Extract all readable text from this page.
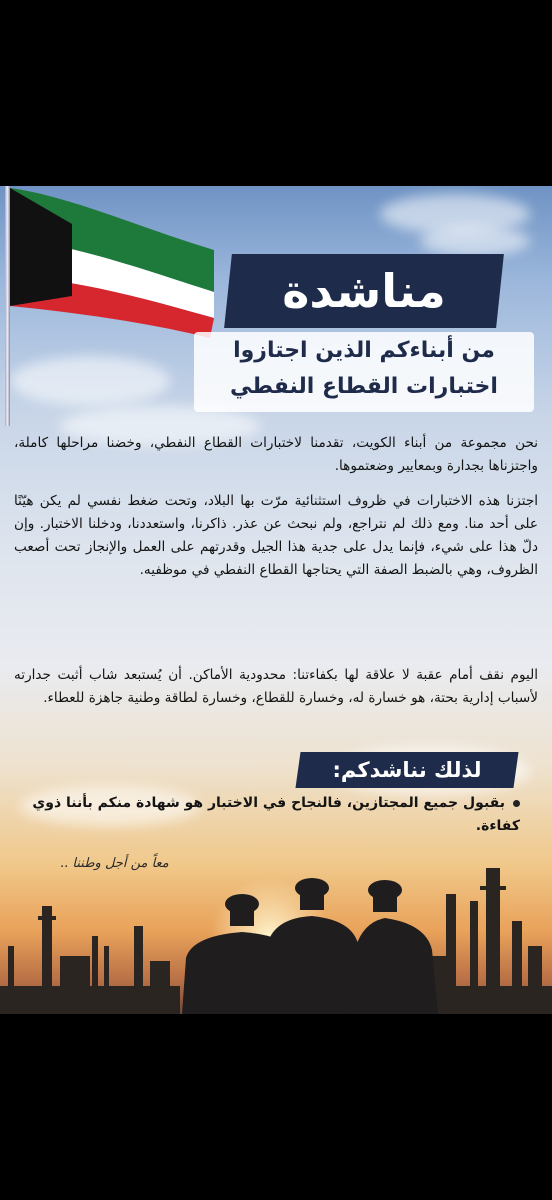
مناشدة
من أبناءكم الذين اجتازوا
اختبارات القطاع النفطي

نحن مجموعة من أبناء الكويت، تقدمنا لاختبارات القطاع النفطي، وخضنا مراحلها كاملة، واجتزناها بجدارة وبمعايير وضعتموها.

اجتزنا هذه الاختبارات في ظروف استثنائية مرّت بها البلاد، وتحت ضغط نفسي لم يكن هيّنًا على أحد منا. ومع ذلك لم نتراجع، ولم نبحث عن عذر. ذاكرنا، واستعددنا، ودخلنا الاختبار. وإن دلّ هذا على شيء، فإنما يدل على جدية هذا الجيل وقدرتهم على العمل والإنجاز تحت أصعب الظروف، وهي بالضبط الصفة التي يحتاجها القطاع النفطي في موظفيه.

اليوم نقف أمام عقبة لا علاقة لها بكفاءتنا: محدودية الأماكن. أن يُستبعد شاب أثبت جدارته لأسباب إدارية بحتة، هو خسارة له، وخسارة للقطاع، وخسارة لطاقة وطنية جاهزة للعطاء.

لذلك نناشدكم:
بقبول جميع المجتازين، فالنجاح في الاختبار هو شهادة منكم بأننا ذوي كفاءة.
معاً من أجل وطننا ..
